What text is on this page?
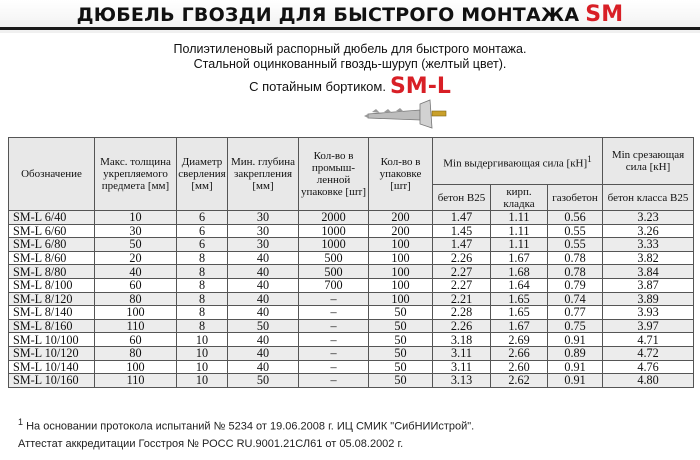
ДЮБЕЛЬ ГВОЗДИ ДЛЯ БЫСТРОГО МОНТАЖА SM
Полиэтиленовый распорный дюбель для быстрого монтажа.
Стальной оцинкованный гвоздь-шуруп (желтый цвет).
С потайным бортиком. SM-L
Обозначение	Макс. толщина укрепляемого предмета [мм]	Диаметр сверления [мм]	Мин. глубина закрепления [мм]	Кол-во в промыш-ленной упаковке [шт]	Кол-во в упаковке [шт]	Min выдергивающая сила [кН]$^1$			Min срезающая сила [кН]
						бетон B25	кирп. кладка	газобетон	бетон класса B25
SM-L 6/40	10	6	30	2000	200	1.47	1.11	0.56	3.23
SM-L 6/60	30	6	30	1000	200	1.45	1.11	0.55	3.26
SM-L 6/80	50	6	30	1000	100	1.47	1.11	0.55	3.33
SM-L 8/60	20	8	40	500	100	2.26	1.67	0.78	3.82
SM-L 8/80	40	8	40	500	100	2.27	1.68	0.78	3.84
SM-L 8/100	60	8	40	700	100	2.27	1.64	0.79	3.87
SM-L 8/120	80	8	40	–	100	2.21	1.65	0.74	3.89
SM-L 8/140	100	8	40	–	50	2.28	1.65	0.77	3.93
SM-L 8/160	110	8	50	–	50	2.26	1.67	0.75	3.97
SM-L 10/100	60	10	40	–	50	3.18	2.69	0.91	4.71
SM-L 10/120	80	10	40	–	50	3.11	2.66	0.89	4.72
SM-L 10/140	100	10	40	–	50	3.11	2.60	0.91	4.76
SM-L 10/160	110	10	50	–	50	3.13	2.62	0.91	4.80
$^1$ На основании протокола испытаний № 5234 от 19.06.2008 г. ИЦ СМИК "СибНИИстрой".
Аттестат аккредитации Госстроя № РОСС RU.9001.21СЛ61 от 05.08.2002 г.
